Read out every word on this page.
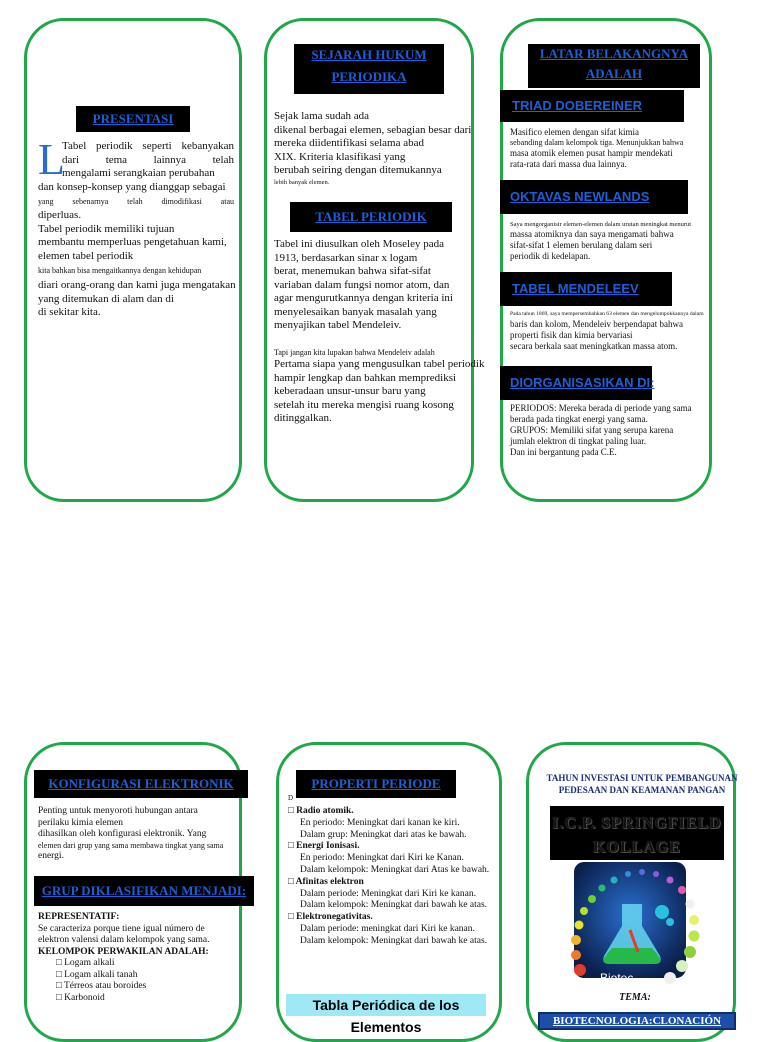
PRESENTASI
L
Tabel periodik seperti kebanyakan
dari tema lainnya telah
mengalami serangkaian perubahan
dan konsep-konsep yang dianggap sebagai
yang sebenarnya telah dimodifikasi atau
diperluas.
Tabel periodik memiliki tujuan
membantu memperluas pengetahuan kami,
elemen tabel periodik
kita bahkan bisa mengaitkannya dengan kehidupan
diari orang-orang dan kami juga mengatakan
yang ditemukan di alam dan di
di sekitar kita.
SEJARAH HUKUM
PERIODIKA
Sejak lama sudah ada
dikenal berbagai elemen, sebagian besar dari
mereka diidentifikasi selama abad
XIX. Kriteria klasifikasi yang
berubah seiring dengan ditemukannya
lebih banyak elemen.
TABEL PERIODIK
Tabel ini diusulkan oleh Moseley pada
1913, berdasarkan sinar x logam
berat, menemukan bahwa sifat-sifat
variaban dalam fungsi nomor atom, dan
agar mengurutkannya dengan kriteria ini
menyelesaikan banyak masalah yang
menyajikan tabel Mendeleiv.
Tapi jangan kita lupakan bahwa Mendeleiv adalah
Pertama siapa yang mengusulkan tabel periodik
hampir lengkap dan bahkan memprediksi
keberadaan unsur-unsur baru yang
setelah itu mereka mengisi ruang kosong
ditinggalkan.
LATAR BELAKANGNYA
ADALAH
TRIAD DOBEREINER
Masifico elemen dengan sifat kimia
sebanding dalam kelompok tiga. Menunjukkan bahwa
masa atomik elemen pusat hampir mendekati
rata-rata dari massa dua lainnya.
OKTAVAS NEWLANDS
Saya mengorganisir elemen-elemen dalam urutan meningkat menurut
massa atomiknya dan saya mengamati bahwa
sifat-sifat 1 elemen berulang dalam seri
periodik di kedelapan.
TABEL MENDELEEV
Pada tahun 1869, saya mempersembahkan 63 elemen dan mengelompokkannya dalam
baris dan kolom, Mendeleiv berpendapat bahwa
properti fisik dan kimia bervariasi
secara berkala saat meningkatkan massa atom.
DIORGANISASIKAN DI:
PERIODOS: Mereka berada di periode yang sama
berada pada tingkat energi yang sama.
GRUPOS: Memiliki sifat yang serupa karena
jumlah elektron di tingkat paling luar.
Dan ini bergantung pada C.E.
KONFIGURASI ELEKTRONIK
Penting untuk menyoroti hubungan antara
perilaku kimia elemen
dihasilkan oleh konfigurasi elektronik. Yang
elemen dari grup yang sama membawa tingkat yang sama
energi.
GRUP DIKLASIFIKAN MENJADI:
REPRESENTATIF:
Se caracteriza porque tiene igual número de
elektron valensi dalam kelompok yang sama.
KELOMPOK PERWAKILAN ADALAH:
□ Logam alkali
□ Logam alkali tanah
□ Térreos atau boroides
□ Karbonoid
PROPERTI PERIODE
D
□ Radio atomik.
En periodo: Meningkat dari kanan ke kiri.
Dalam grup: Meningkat dari atas ke bawah.
□ Energi Ionisasi.
En periodo: Meningkat dari Kiri ke Kanan.
Dalam kelompok: Meningkat dari Atas ke bawah.
□ Afinitas elektron
Dalam periode: Meningkat dari Kiri ke kanan.
Dalam kelompok: Meningkat dari bawah ke atas.
□ Elektronegativitas.
Dalam periode: meningkat dari Kiri ke kanan.
Dalam kelompok: Meningkat dari bawah ke atas.
Tabla Periódica de los Elementos
TAHUN INVESTASI UNTUK PEMBANGUNAN
PEDESAAN DAN KEAMANAN PANGAN
I.C.P. SPRINGFIELD
KOLLAGE
Biotec
TEMA:
BIOTECNOLOGIA:CLONACIÓN
